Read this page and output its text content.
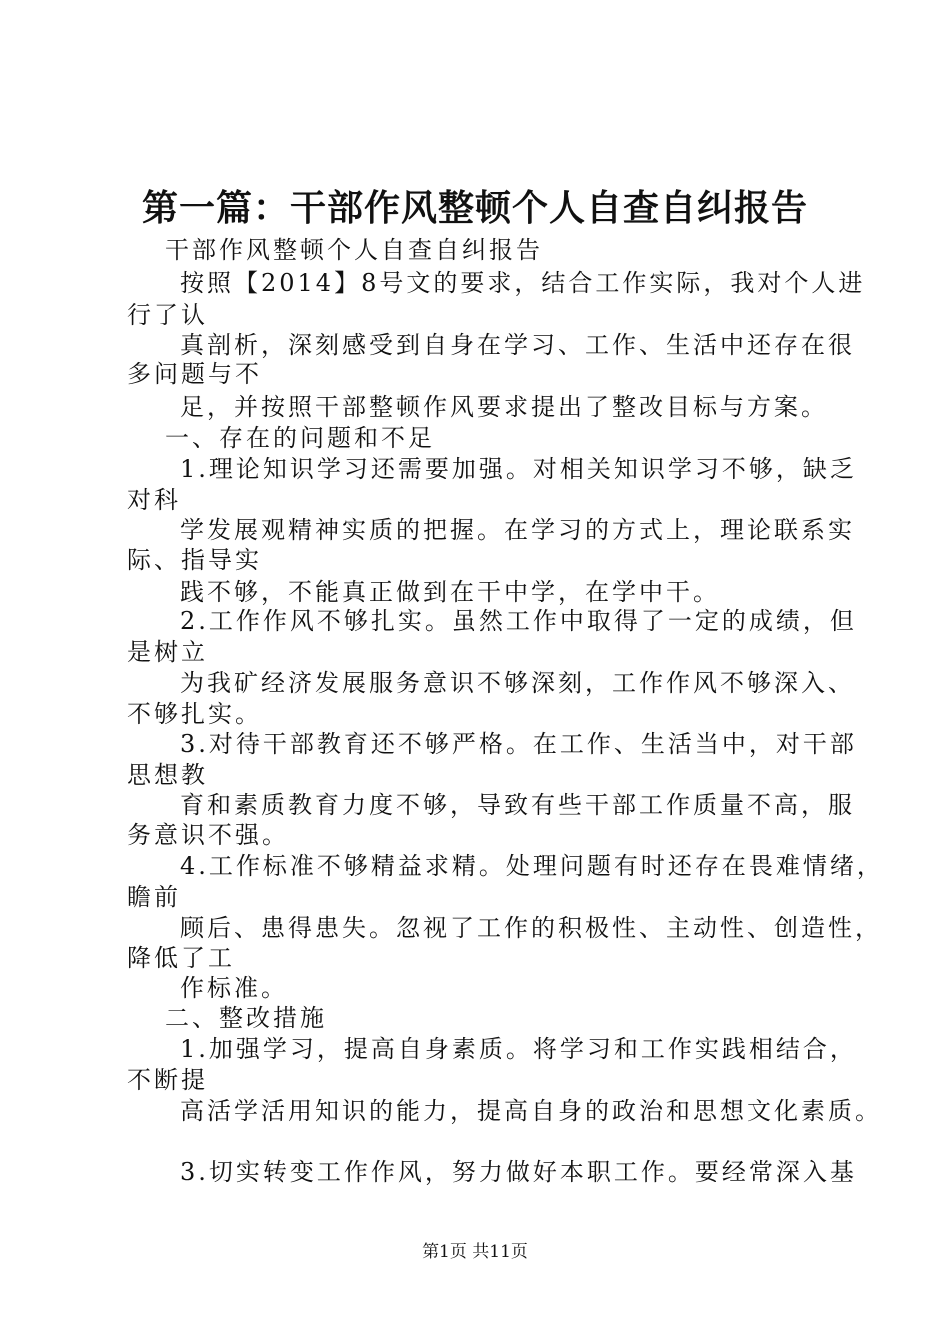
第一篇：干部作风整顿个人自查自纠报告
干部作风整顿个人自查自纠报告
按照【2014】8号文的要求，结合工作实际，我对个人进
行了认
真剖析，深刻感受到自身在学习、工作、生活中还存在很
多问题与不
足，并按照干部整顿作风要求提出了整改目标与方案。
一、存在的问题和不足
1.理论知识学习还需要加强。对相关知识学习不够，缺乏
对科
学发展观精神实质的把握。在学习的方式上，理论联系实
际、指导实
践不够，不能真正做到在干中学，在学中干。
2.工作作风不够扎实。虽然工作中取得了一定的成绩，但
是树立
为我矿经济发展服务意识不够深刻，工作作风不够深入、
不够扎实。
3.对待干部教育还不够严格。在工作、生活当中，对干部
思想教
育和素质教育力度不够，导致有些干部工作质量不高，服
务意识不强。
4.工作标准不够精益求精。处理问题有时还存在畏难情绪，
瞻前
顾后、患得患失。忽视了工作的积极性、主动性、创造性，
降低了工
作标准。
二、整改措施
1.加强学习，提高自身素质。将学习和工作实践相结合，
不断提
高活学活用知识的能力，提高自身的政治和思想文化素质。
3.切实转变工作作风，努力做好本职工作。要经常深入基
第1页 共11页
